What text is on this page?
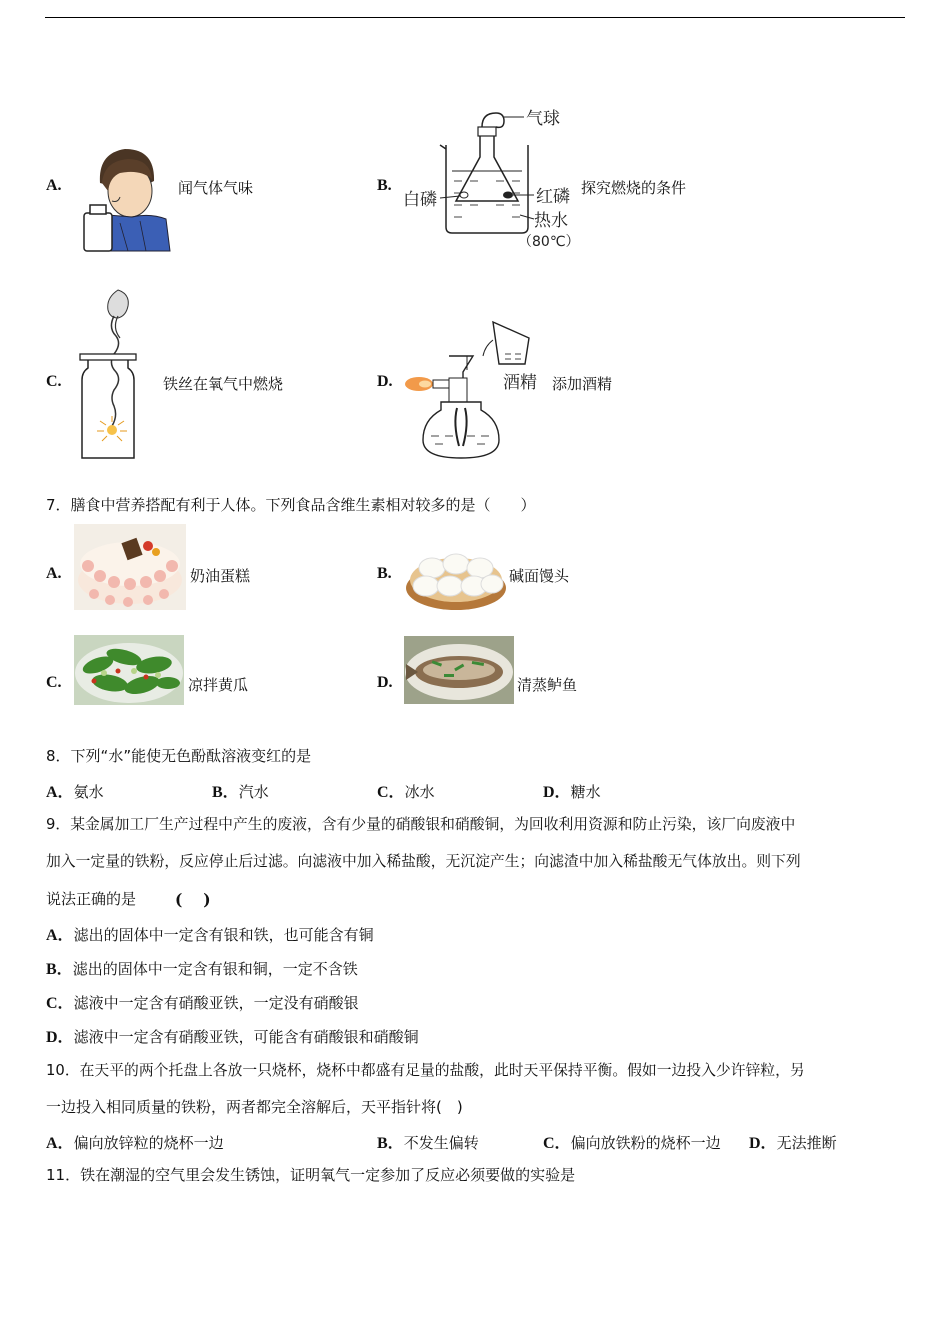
A.	闻气体气味	B.
气球
白磷	红磷
热水
（80℃）
探究燃烧的条件
C.	铁丝在氧气中燃烧	D.	酒精 添加酒精
7．膳食中营养搭配有利于人体。下列食品含维生素相对较多的是（　　）
A.	奶油蛋糕	B.	碱面馒头
C.	凉拌黄瓜	D.	清蒸鲈鱼
8．下列“水”能使无色酚酞溶液变红的是
A．氨水	B．汽水	C．冰水	D．糖水
9．某金属加工厂生产过程中产生的废液，含有少量的硝酸银和硝酸铜，为回收利用资源和防止污染，该厂向废液中
加入一定量的铁粉，反应停止后过滤。向滤液中加入稀盐酸，无沉淀产生；向滤渣中加入稀盐酸无气体放出。则下列
说法正确的是	(　 )
A．滤出的固体中一定含有银和铁，也可能含有铜
B．滤出的固体中一定含有银和铜，一定不含铁
C．滤液中一定含有硝酸亚铁，一定没有硝酸银
D．滤液中一定含有硝酸亚铁，可能含有硝酸银和硝酸铜
10．在天平的两个托盘上各放一只烧杯，烧杯中都盛有足量的盐酸，此时天平保持平衡。假如一边投入少许锌粒，另
一边投入相同质量的铁粉，两者都完全溶解后，天平指针将(　)
A．偏向放锌粒的烧杯一边	B．不发生偏转	C．偏向放铁粉的烧杯一边 D．无法推断
11．铁在潮湿的空气里会发生锈蚀，证明氧气一定参加了反应必须要做的实验是
